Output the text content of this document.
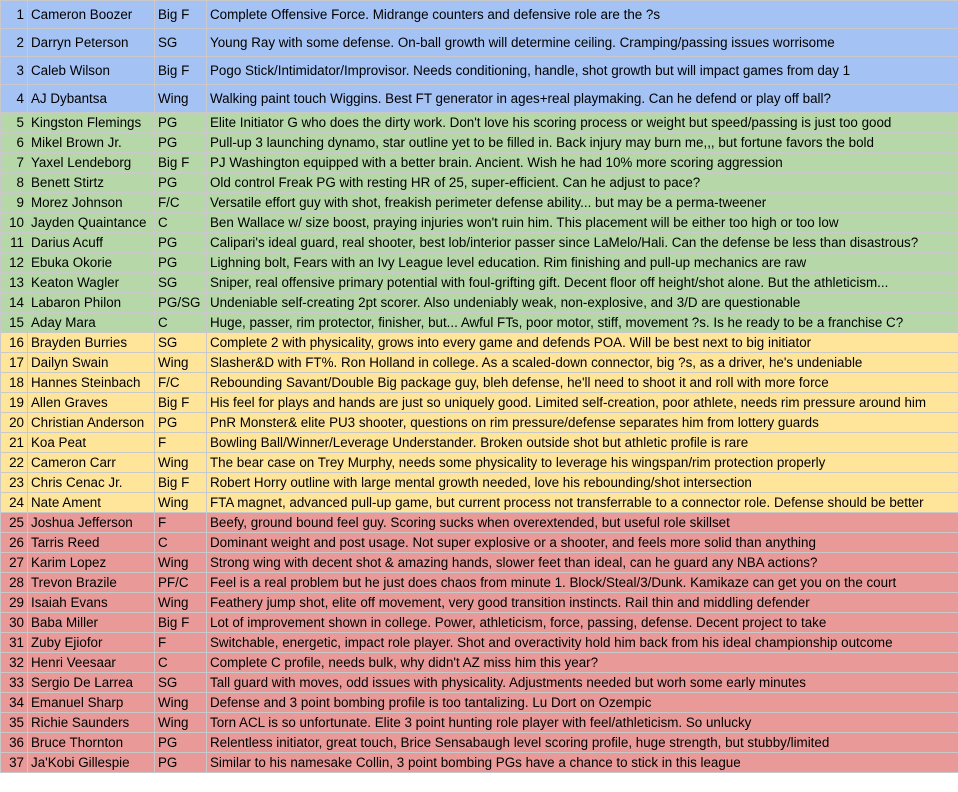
1	Cameron Boozer	Big F	Complete Offensive Force. Midrange counters and defensive role are the ?s
2	Darryn Peterson	SG	Young Ray with some defense. On-ball growth will determine ceiling. Cramping/passing issues worrisome
3	Caleb Wilson	Big F	Pogo Stick/Intimidator/Improvisor. Needs conditioning, handle, shot growth but will impact games from day 1
4	AJ Dybantsa	Wing	Walking paint touch Wiggins. Best FT generator in ages+real playmaking. Can he defend or play off ball?
5	Kingston Flemings	PG	Elite Initiator G who does the dirty work. Don't love his scoring process or weight but speed/passing is just too good
6	Mikel Brown Jr.	PG	Pull-up 3 launching dynamo, star outline yet to be filled in. Back injury may burn me,,, but fortune favors the bold
7	Yaxel Lendeborg	Big F	PJ Washington equipped with a better brain. Ancient. Wish he had 10% more scoring aggression
8	Benett Stirtz	PG	Old control Freak PG with resting HR of 25, super-efficient. Can he adjust to pace?
9	Morez Johnson	F/C	Versatile effort guy with shot, freakish perimeter defense ability... but may be a perma-tweener
10	Jayden Quaintance	C	Ben Wallace w/ size boost, praying injuries won't ruin him. This placement will be either too high or too low
11	Darius Acuff	PG	Calipari's ideal guard, real shooter, best lob/interior passer since LaMelo/Hali. Can the defense be less than disastrous?
12	Ebuka Okorie	PG	Lighning bolt, Fears with an Ivy League level education. Rim finishing and pull-up mechanics are raw
13	Keaton Wagler	SG	Sniper, real offensive primary potential with foul-grifting gift. Decent floor off height/shot alone. But the athleticism...
14	Labaron Philon	PG/SG	Undeniable self-creating 2pt scorer. Also undeniably weak, non-explosive, and 3/D are questionable
15	Aday Mara	C	Huge, passer, rim protector, finisher, but... Awful FTs, poor motor, stiff, movement ?s. Is he ready to be a franchise C?
16	Brayden Burries	SG	Complete 2 with physicality, grows into every game and defends POA. Will be best next to big initiator
17	Dailyn Swain	Wing	Slasher&D with FT%. Ron Holland in college. As a scaled-down connector, big ?s, as a driver, he's undeniable
18	Hannes Steinbach	F/C	Rebounding Savant/Double Big package guy, bleh defense, he'll need to shoot it and roll with more force
19	Allen Graves	Big F	His feel for plays and hands are just so uniquely good. Limited self-creation, poor athlete, needs rim pressure around him
20	Christian Anderson	PG	PnR Monster& elite PU3 shooter, questions on rim pressure/defense separates him from lottery guards
21	Koa Peat	F	Bowling Ball/Winner/Leverage Understander. Broken outside shot but athletic profile is rare
22	Cameron Carr	Wing	The bear case on Trey Murphy, needs some physicality to leverage his wingspan/rim protection properly
23	Chris Cenac Jr.	Big F	Robert Horry outline with large mental growth needed, love his rebounding/shot intersection
24	Nate Ament	Wing	FTA magnet, advanced pull-up game, but current process not transferrable to a connector role. Defense should be better
25	Joshua Jefferson	F	Beefy, ground bound feel guy. Scoring sucks when overextended, but useful role skillset
26	Tarris Reed	C	Dominant weight and post usage. Not super explosive or a shooter, and feels more solid than anything
27	Karim Lopez	Wing	Strong wing with decent shot & amazing hands, slower feet than ideal, can he guard any NBA actions?
28	Trevon Brazile	PF/C	Feel is a real problem but he just does chaos from minute 1. Block/Steal/3/Dunk. Kamikaze can get you on the court
29	Isaiah Evans	Wing	Feathery jump shot, elite off movement, very good transition instincts. Rail thin and middling defender
30	Baba Miller	Big F	Lot of improvement shown in college. Power, athleticism, force, passing, defense. Decent project to take
31	Zuby Ejiofor	F	Switchable, energetic, impact role player. Shot and overactivity hold him back from his ideal championship outcome
32	Henri Veesaar	C	Complete C profile, needs bulk, why didn't AZ miss him this year?
33	Sergio De Larrea	SG	Tall guard with moves, odd issues with physicality. Adjustments needed but worh some early minutes
34	Emanuel Sharp	Wing	Defense and 3 point bombing profile is too tantalizing. Lu Dort on Ozempic
35	Richie Saunders	Wing	Torn ACL is so unfortunate. Elite 3 point hunting role player with feel/athleticism. So unlucky
36	Bruce Thornton	PG	Relentless initiator, great touch, Brice Sensabaugh level scoring profile, huge strength, but stubby/limited
37	Ja'Kobi Gillespie	PG	Similar to his namesake Collin, 3 point bombing PGs have a chance to stick in this league
